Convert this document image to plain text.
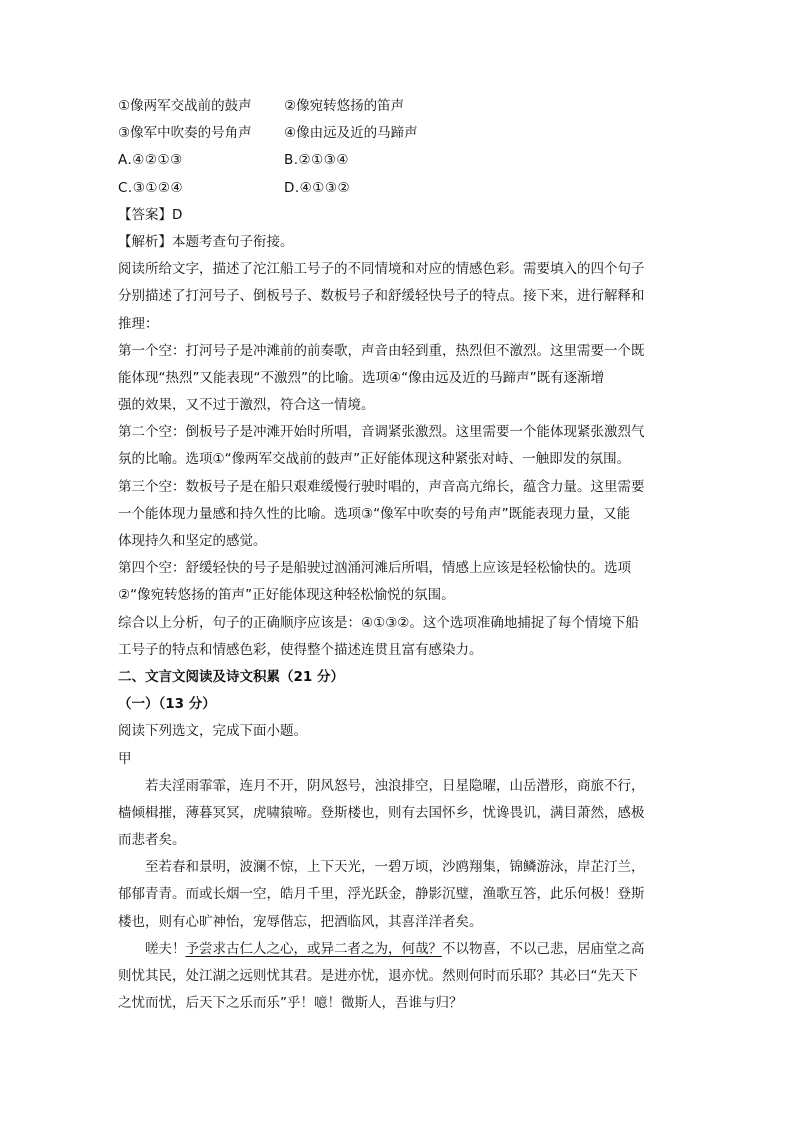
①像两军交战前的鼓声	②像宛转悠扬的笛声
③像军中吹奏的号角声	④像由远及近的马蹄声
A.④②①③	B.②①③④
C.③①②④	D.④①③②
【答案】D
【解析】本题考查句子衔接。
阅读所给文字，描述了沱江船工号子的不同情境和对应的情感色彩。需要填入的四个句子
分别描述了打河号子、倒板号子、数板号子和舒缓轻快号子的特点。接下来，进行解释和
推理：
第一个空：打河号子是冲滩前的前奏歌，声音由轻到重，热烈但不激烈。这里需要一个既
能体现“热烈”又能表现“不激烈”的比喻。选项④“像由远及近的马蹄声”既有逐渐增
强的效果，又不过于激烈，符合这一情境。
第二个空：倒板号子是冲滩开始时所唱，音调紧张激烈。这里需要一个能体现紧张激烈气
氛的比喻。选项①“像两军交战前的鼓声”正好能体现这种紧张对峙、一触即发的氛围。
第三个空：数板号子是在船只艰难缓慢行驶时唱的，声音高亢绵长，蕴含力量。这里需要
一个能体现力量感和持久性的比喻。选项③“像军中吹奏的号角声”既能表现力量，又能
体现持久和坚定的感觉。
第四个空：舒缓轻快的号子是船驶过汹涌河滩后所唱，情感上应该是轻松愉快的。选项
②“像宛转悠扬的笛声”正好能体现这种轻松愉悦的氛围。
综合以上分析，句子的正确顺序应该是：④①③②。这个选项准确地捕捉了每个情境下船
工号子的特点和情感色彩，使得整个描述连贯且富有感染力。
二、文言文阅读及诗文积累（21 分）
（一）（13 分）
阅读下列选文，完成下面小题。
甲
若夫淫雨霏霏，连月不开，阴风怒号，浊浪排空，日星隐曜，山岳潜形，商旅不行，
樯倾楫摧，薄暮冥冥，虎啸猿啼。登斯楼也，则有去国怀乡，忧谗畏讥，满目萧然，感极
而悲者矣。
至若春和景明，波澜不惊，上下天光，一碧万顷，沙鸥翔集，锦鳞游泳，岸芷汀兰，
郁郁青青。而或长烟一空，皓月千里，浮光跃金，静影沉璧，渔歌互答，此乐何极！登斯
楼也，则有心旷神怡，宠辱偕忘，把酒临风，其喜洋洋者矣。
嗟夫！予尝求古仁人之心，或异二者之为，何哉？不以物喜，不以己悲，居庙堂之高
则忧其民，处江湖之远则忧其君。是进亦忧，退亦忧。然则何时而乐耶？其必曰“先天下
之忧而忧，后天下之乐而乐”乎！噫！微斯人，吾谁与归？
